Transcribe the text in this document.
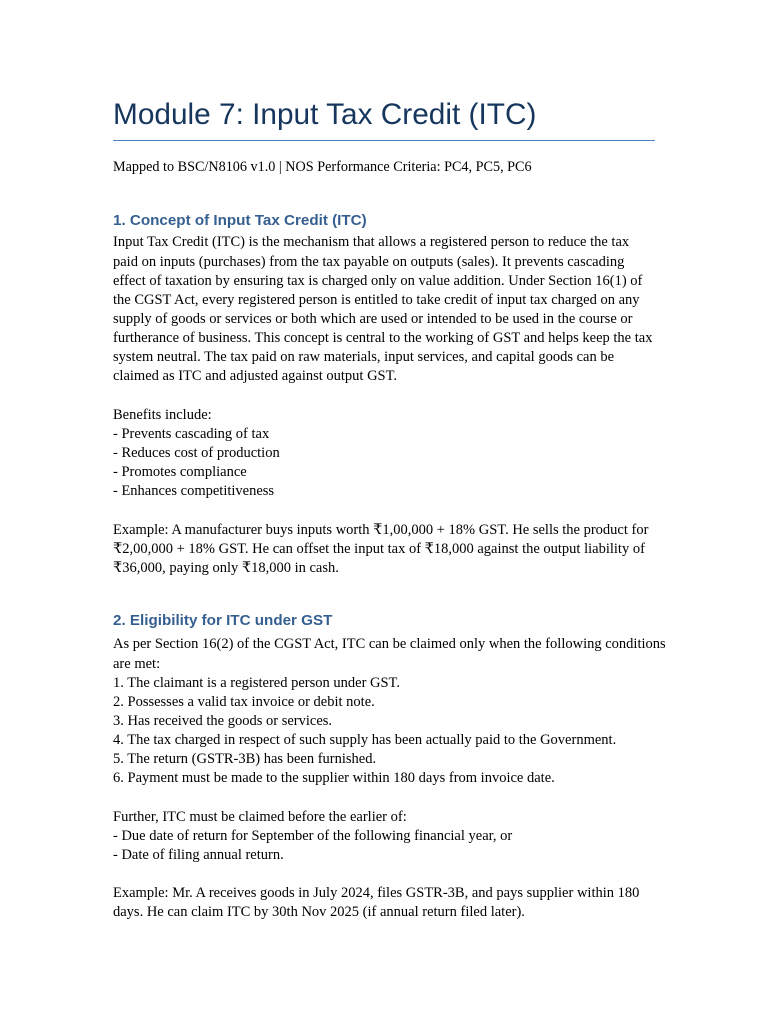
Module 7: Input Tax Credit (ITC)

Mapped to BSC/N8106 v1.0 | NOS Performance Criteria: PC4, PC5, PC6

1. Concept of Input Tax Credit (ITC)

Input Tax Credit (ITC) is the mechanism that allows a registered person to reduce the tax
paid on inputs (purchases) from the tax payable on outputs (sales). It prevents cascading
effect of taxation by ensuring tax is charged only on value addition. Under Section 16(1) of
the CGST Act, every registered person is entitled to take credit of input tax charged on any
supply of goods or services or both which are used or intended to be used in the course or
furtherance of business. This concept is central to the working of GST and helps keep the tax
system neutral. The tax paid on raw materials, input services, and capital goods can be
claimed as ITC and adjusted against output GST.

Benefits include:
- Prevents cascading of tax
- Reduces cost of production
- Promotes compliance
- Enhances competitiveness

Example: A manufacturer buys inputs worth ₹1,00,000 + 18% GST. He sells the product for
₹2,00,000 + 18% GST. He can offset the input tax of ₹18,000 against the output liability of
₹36,000, paying only ₹18,000 in cash.

2. Eligibility for ITC under GST

As per Section 16(2) of the CGST Act, ITC can be claimed only when the following conditions
are met:
1. The claimant is a registered person under GST.
2. Possesses a valid tax invoice or debit note.
3. Has received the goods or services.
4. The tax charged in respect of such supply has been actually paid to the Government.
5. The return (GSTR-3B) has been furnished.
6. Payment must be made to the supplier within 180 days from invoice date.

Further, ITC must be claimed before the earlier of:
- Due date of return for September of the following financial year, or
- Date of filing annual return.

Example: Mr. A receives goods in July 2024, files GSTR-3B, and pays supplier within 180
days. He can claim ITC by 30th Nov 2025 (if annual return filed later).
